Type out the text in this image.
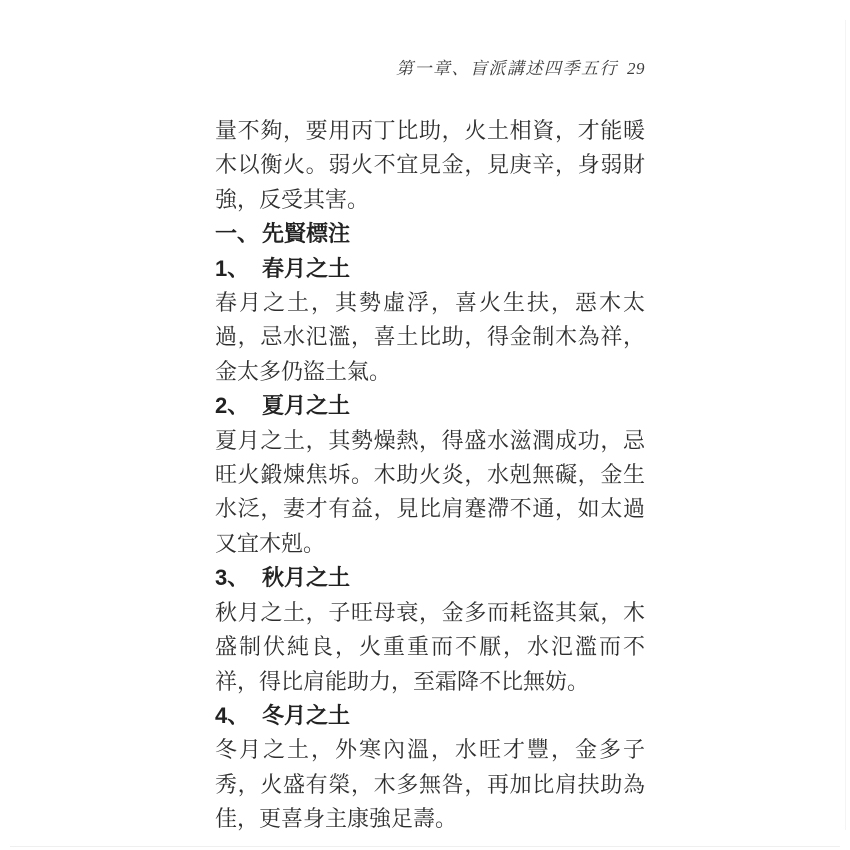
第一章、盲派講述四季五行 29

量不夠，要用丙丁比助，火土相資，才能暖木以衡火。弱火不宜見金，見庚辛，身弱財強，反受其害。

一、 先賢標注
1、 春月之土

春月之土，其勢虛浮，喜火生扶，惡木太過，忌水氾濫，喜土比助，得金制木為祥，金太多仍盜土氣。

2、 夏月之土

夏月之土，其勢燥熱，得盛水滋潤成功，忌旺火鍛煉焦坼。木助火炎，水剋無礙，金生水泛，妻才有益，見比肩蹇滯不通，如太過又宜木剋。

3、 秋月之土

秋月之土，子旺母衰，金多而耗盜其氣，木盛制伏純良，火重重而不厭，水氾濫而不祥，得比肩能助力，至霜降不比無妨。

4、 冬月之土

冬月之土，外寒內溫，水旺才豐，金多子秀，火盛有榮，木多無咎，再加比肩扶助為佳，更喜身主康強足壽。
